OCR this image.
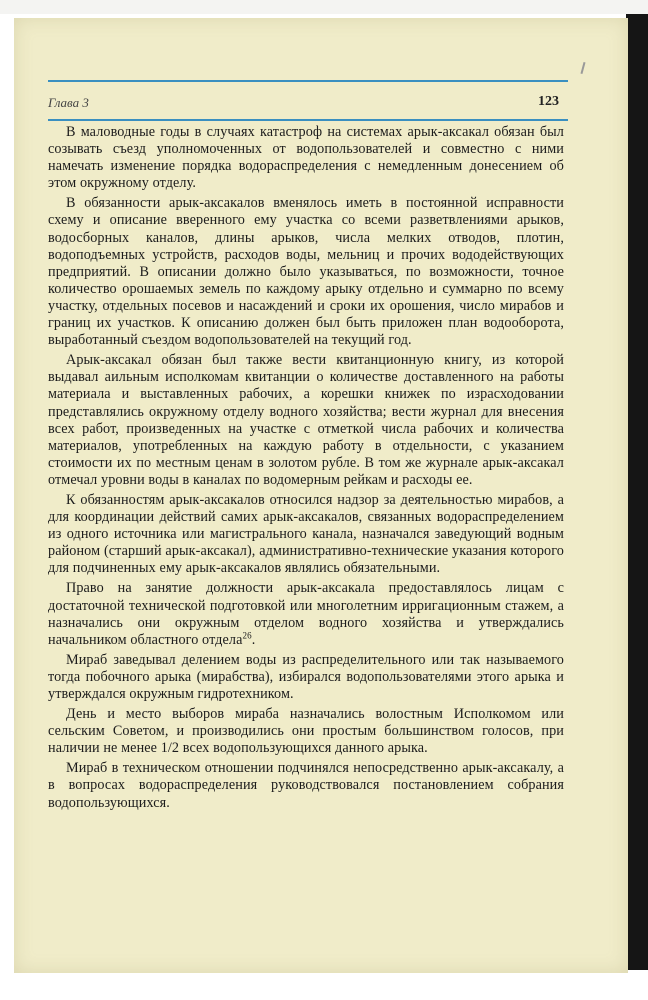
Глава 3	123

В маловодные годы в случаях катастроф на системах арык-аксакал обязан был созывать съезд уполномоченных от водопользователей и совместно с ними намечать изменение порядка водораспределения с немедленным донесением об этом окружному отделу.

В обязанности арык-аксакалов вменялось иметь в постоянной исправности схему и описание вверенного ему участка со всеми разветвлениями арыков, водосборных каналов, длины арыков, числа мелких отводов, плотин, водоподъемных устройств, расходов воды, мельниц и прочих вододействующих предприятий. В описании должно было указываться, по возможности, точное количество орошаемых земель по каждому арыку отдельно и суммарно по всему участку, отдельных посевов и насаждений и сроки их орошения, число мирабов и границ их участков. К описанию должен был быть приложен план водооборота, выработанный съездом водопользователей на текущий год.

Арык-аксакал обязан был также вести квитанционную книгу, из которой выдавал аильным исполкомам квитанции о количестве доставленного на работы материала и выставленных рабочих, а корешки книжек по израсходовании представлялись окружному отделу водного хозяйства; вести журнал для внесения всех работ, произведенных на участке с отметкой числа рабочих и количества материалов, употребленных на каждую работу в отдельности, с указанием стоимости их по местным ценам в золотом рубле. В том же журнале арык-аксакал отмечал уровни воды в каналах по водомерным рейкам и расходы ее.

К обязанностям арык-аксакалов относился надзор за деятельностью мирабов, а для координации действий самих арык-аксакалов, связанных водораспределением из одного источника или магистрального канала, назначался заведующий водным районом (старший арык-аксакал), административно-технические указания которого для подчиненных ему арык-аксакалов являлись обязательными.

Право на занятие должности арык-аксакала предоставлялось лицам с достаточной технической подготовкой или многолетним ирригационным стажем, а назначались они окружным отделом водного хозяйства и утверждались начальником областного отдела$^{26}$.

Мираб заведывал делением воды из распределительного или так называемого тогда побочного арыка (мирабства), избирался водопользователями этого арыка и утверждался окружным гидротехником.

День и место выборов мираба назначались волостным Исполкомом или сельским Советом, и производились они простым большинством голосов, при наличии не менее 1/2 всех водопользующихся данного арыка.

Мираб в техническом отношении подчинялся непосредственно арык-аксакалу, а в вопросах водораспределения руководствовался постановлением собрания водопользующихся.
